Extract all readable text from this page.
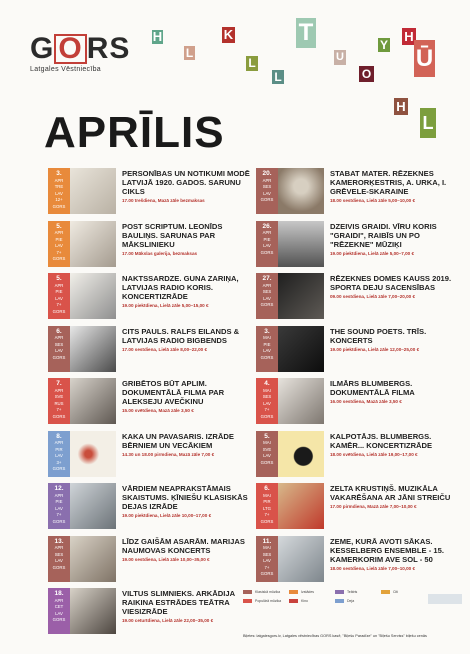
G O RS
Latgales Vēstniecība
H
L
K
L
L
T
U
O
H
Y Ū
H
L
APRĪLIS
3.
APR
TRE
LAV
12+
GORS
PERSONĪBAS UN NOTIKUMI MODĒ LATVIJĀ 1920. GADOS. SARUNU CIKLS
17.00 trešdiena, Mazā zāle bezmaksas
5.
APR
PIE
LAV
7+
GORS
POST SCRIPTUM. LEONĪDS BAULIŅS. SARUNAS PAR MĀKSLINIEKU
17.00 Mākslas galerija, bezmaksas
5.
APR
PIE
LAV
7+
GORS
NAKTSSARDZE. GUNA ZARIŅA, LATVIJAS RADIO KORIS. KONCERTIZRĀDE
19.00 piektdiena, Lielā zāle 5,00–15,00 €
6.
APR
SES
LAV
GORS
CITS PAULS. RALFS EILANDS & LATVIJAS RADIO BIGBENDS
17.00 sestdiena, Lielā zāle 8,00–22,00 €
7.
APR
SVE
RUS
7+
GORS
GRIBĒTOS BŪT APLIM. DOKUMENTĀLĀ FILMA PAR ALEKSEJU AVEČKINU
15.00 svētdiena, Mazā zāle 3,50 €
8.
APR
PIR
LAV
3+
GORS
KAKA UN PAVASARIS. IZRĀDE BĒRNIEM UN VECĀKIEM
14.30 un 18.00 pirmdiena, Mazā zāle 7,00 €
12.
APR
PIE
LAV
7+
GORS
VĀRDIEM NEAPRAKSTĀMAIS SKAISTUMS. ĶĪNIEŠU KLASISKĀS DEJAS IZRĀDE
19.00 piektdiena, Lielā zāle 10,00–17,00 €
13.
APR
SES
LAV
GORS
LĪDZ GAIŠĀM ASARĀM. MARIJAS NAUMOVAS KONCERTS
19.00 sestdiena, Lielā zāle 10,00–35,00 €
18.
APR
CET
LAV
GORS
VILTUS SLIMNIEKS. ARKĀDIJA RAIKINA ESTRĀDES TEĀTRA VIESIZRĀDE
19.00 ceturtdiena, Lielā zāle 22,00–35,00 €
20.
APR
SES
LAV
GORS
STABAT MATER. RĒZEKNES KAMERORĶESTRIS, A. URKA, I. GRĒVELE-SKARAINE
18.00 sestdiena, Lielā zāle 5,00–10,00 €
26.
APR
PIE
LAV
GORS
DZEIVIS GRAIDI. VĪRU KORIS "GRAIDI", RAIBĪS UN PO "RĒZEKNE" MŪZIĶI
19.00 piektdiena, Lielā zāle 5,00–7,00 €
27.
APR
SES
LAV
GORS
RĒZEKNES DOMES KAUSS 2019. SPORTA DEJU SACENSĪBAS
09.00 sestdiena, Lielā zāle 7,00–20,00 €
3.
MAI
PIE
LAV
GORS
THE SOUND POETS. TRĪS. KONCERTS
19.00 piektdiena, Lielā zāle 12,00–25,00 €
4.
MAI
SES
LAV
7+
GORS
ILMĀRS BLUMBERGS. DOKUMENTĀLĀ FILMA
16.00 sestdiena, Mazā zāle 3,50 €
5.
MAI
SVE
LAV
GORS
KALPOTĀJS. BLUMBERGS. KAMĒR... KONCERTIZRĀDE
18.00 svētdiena, Lielā zāle 19,00–17,00 €
6.
MAI
PIR
LTG
7+
GORS
ZELTA KRUSTIŅŠ. MUZIKĀLA VAKARĒŠANA AR JĀNI STREIČU
17.00 pirmdiena, Mazā zāle 7,00–10,00 €
11.
MAI
SES
LAV
7+
GORS
ZEME, KURĀ AVOTI SĀKAS. KESSELBERG ENSEMBLE - 15. KAMERKORIM AVE SOL - 50
18.00 sestdiena, Lielā zāle 7,00–10,00 €
Klasiskā mūzika
Populārā mūzika
Izstādes
Kino
Teātris
Deja
Citi
Biļetes: latgalesgors.lv, Latgales vēstniecības GORS kasē, "Biļešu Paradīze" un "Biļešu Serviss" biļešu cenās
